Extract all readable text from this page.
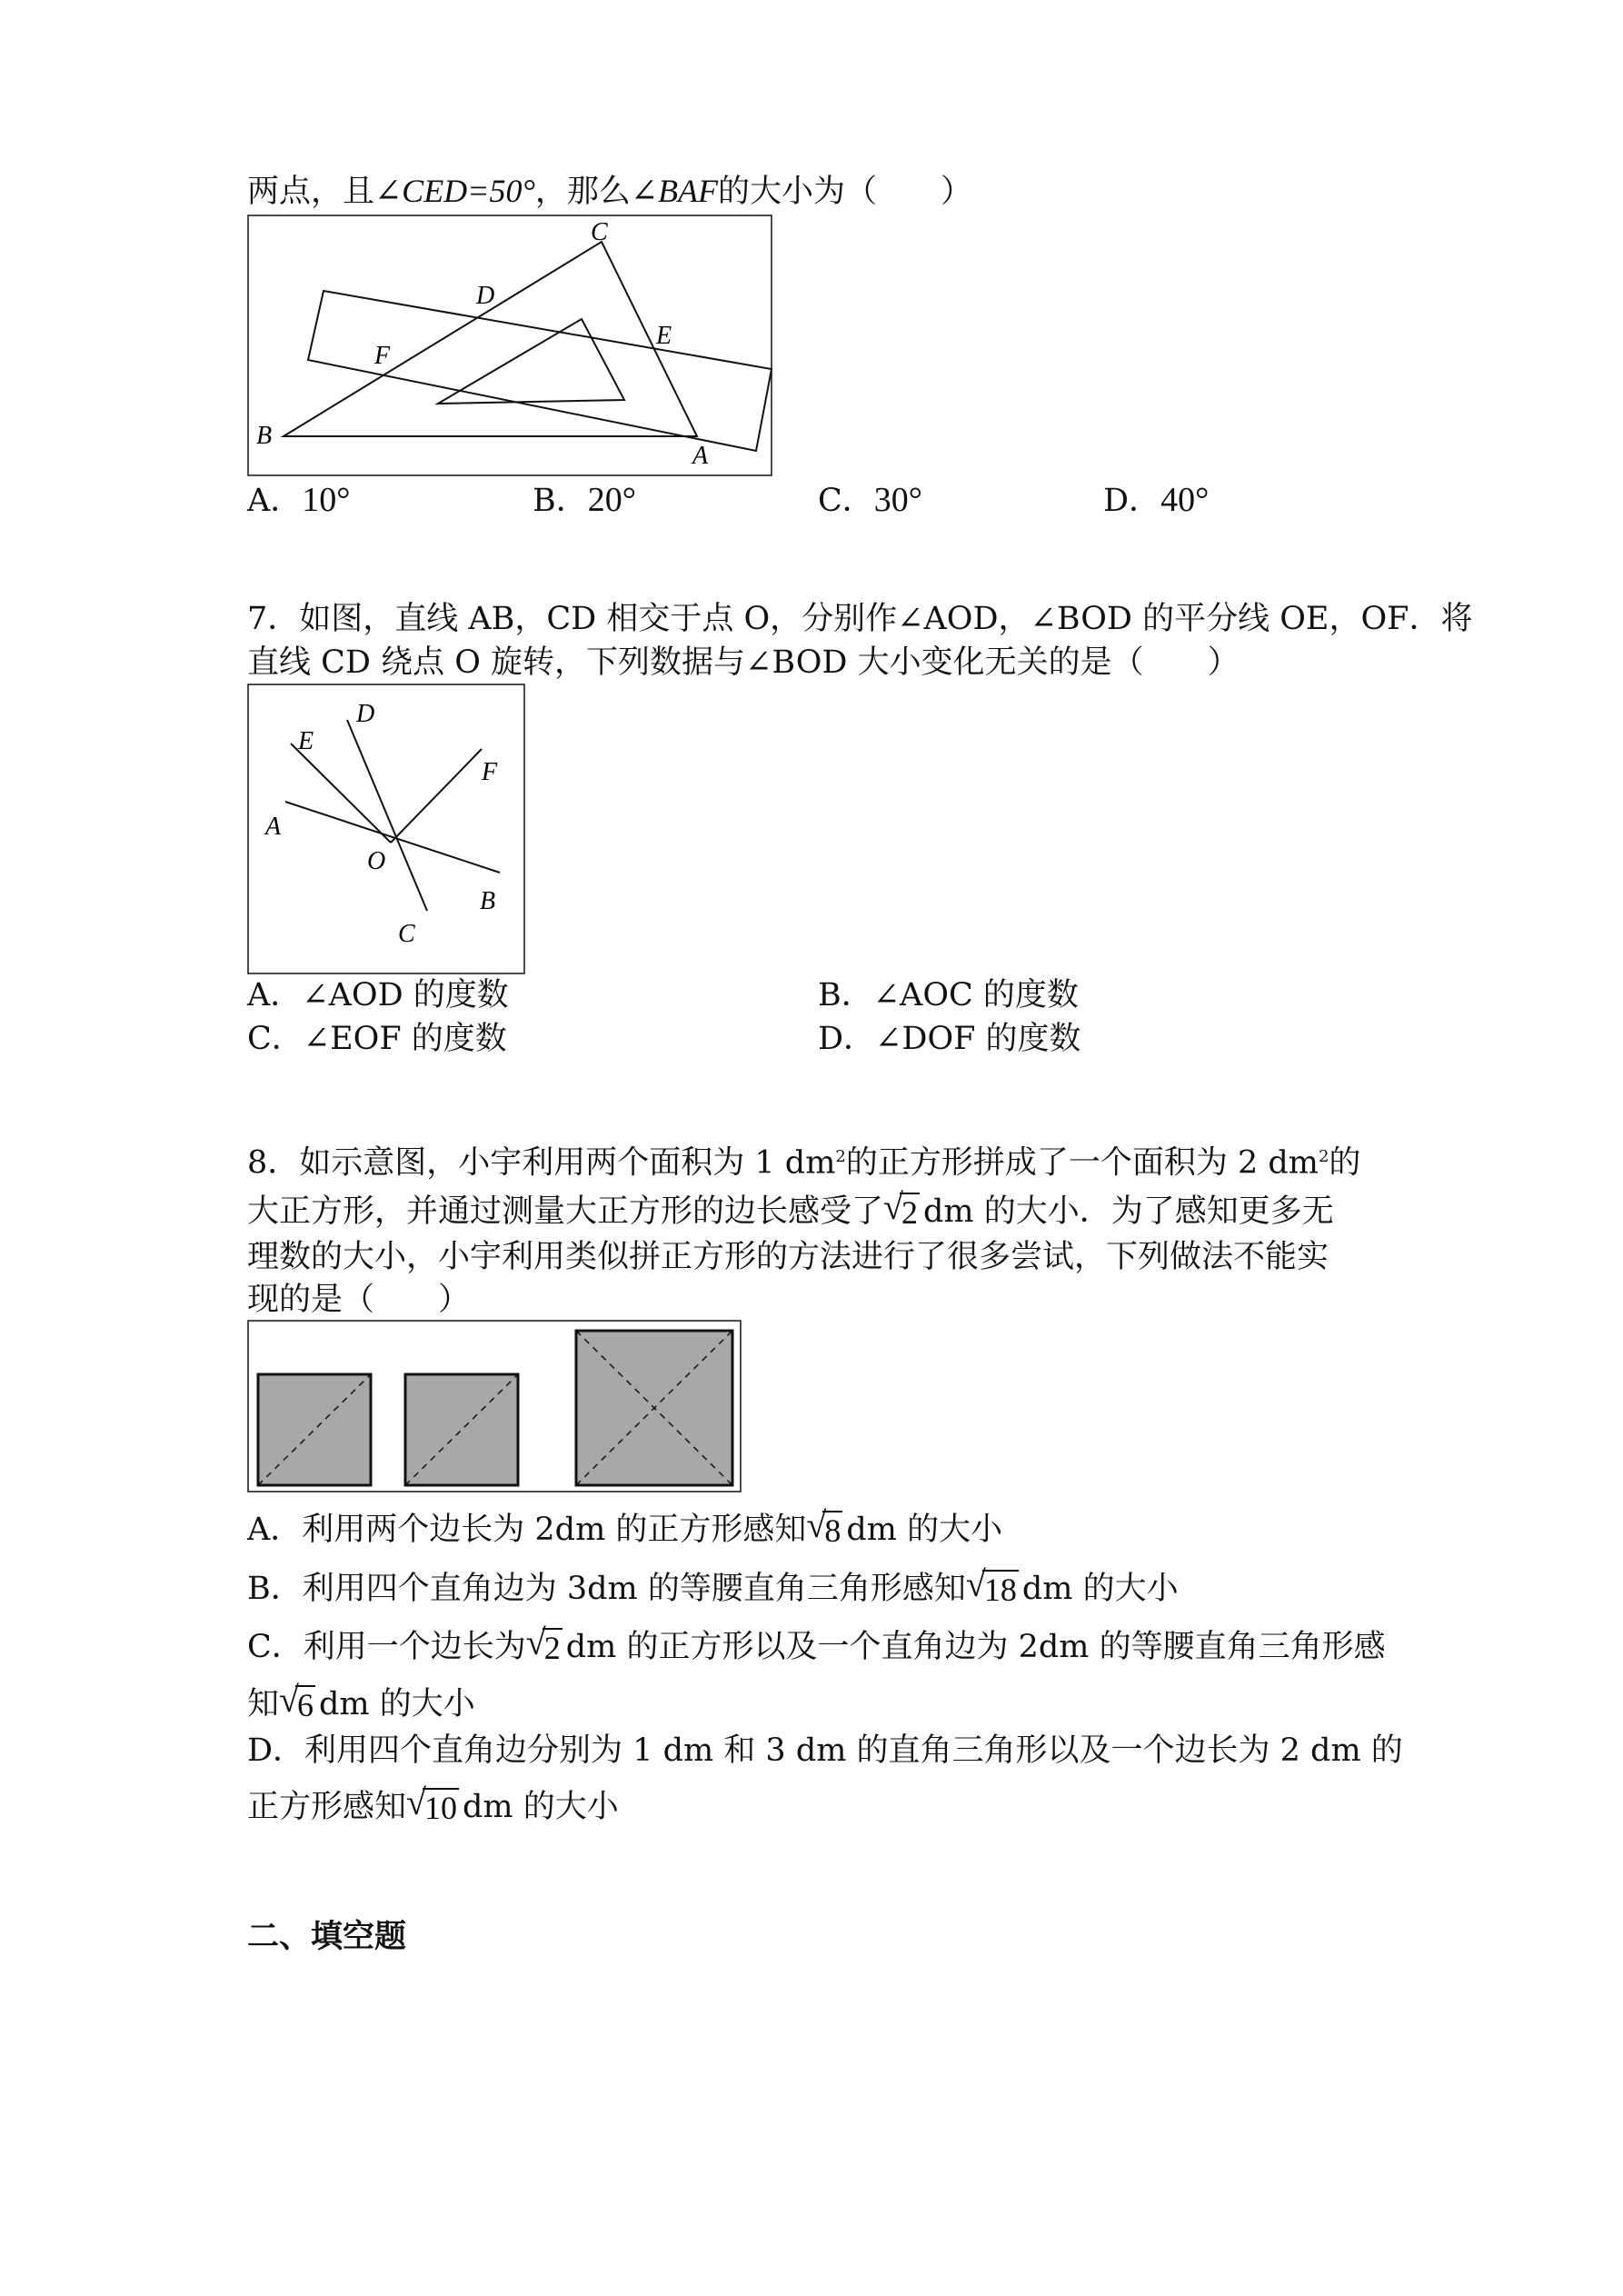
两点，且∠CED=50°，那么∠BAF的大小为（　　）
C
D
E
F
B
A
A．10°	B．20°	C．30°	D．40°
7．如图，直线 AB，CD 相交于点 O，分别作∠AOD，∠BOD 的平分线 OE，OF．将
直线 CD 绕点 O 旋转，下列数据与∠BOD 大小变化无关的是（　　）
D
E
F
A
O
B
C
A．∠AOD 的度数	B．∠AOC 的度数
C．∠EOF 的度数	D．∠DOF 的度数
8．如示意图，小宇利用两个面积为 1 $dm^2$的正方形拼成了一个面积为 2 $dm^2$的
大正方形，并通过测量大正方形的边长感受了 √
2 dm 的大小．为了感知更多无
理数的大小，小宇利用类似拼正方形的方法进行了很多尝试，下列做法不能实
现的是（　　）
A．利用两个边长为 2dm 的正方形感知 √
8 dm 的大小
B．利用四个直角边为 3dm 的等腰直角三角形感知 √
18 dm 的大小
C．利用一个边长为 √
2 dm 的正方形以及一个直角边为 2dm 的等腰直角三角形感
知 √
6 dm 的大小
D．利用四个直角边分别为 1 dm 和 3 dm 的直角三角形以及一个边长为 2 dm 的
正方形感知 √
10 dm 的大小
二、填空题
